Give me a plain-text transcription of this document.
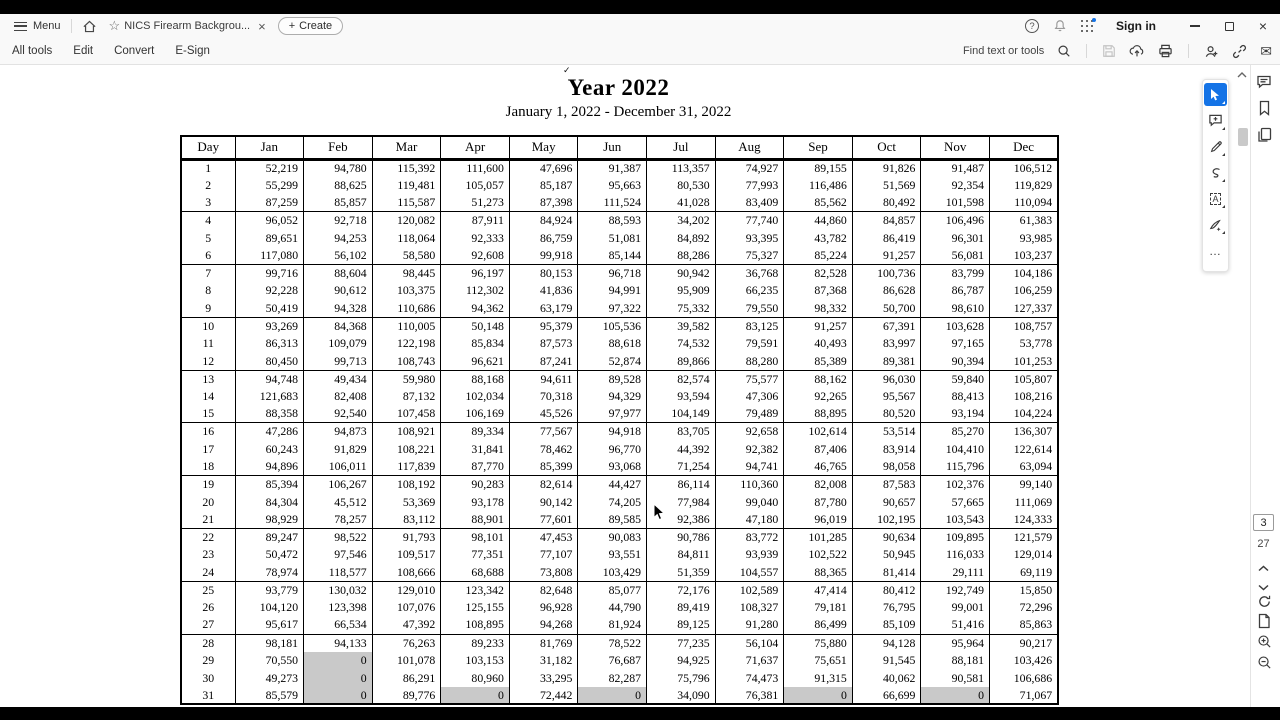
Menu	☆ NICS Firearm Backgrou... × + Create	?	Sign in	×
All tools Edit Convert E-Sign	Find text or tools	✉
✓
Year 2022
January 1, 2022 - December 31, 2022
Day	Jan	Feb	Mar	Apr	May	Jun	Jul	Aug	Sep	Oct	Nov	Dec
1	52,219	94,780	115,392	111,600	47,696	91,387	113,357	74,927	89,155	91,826	91,487	106,512
2	55,299	88,625	119,481	105,057	85,187	95,663	80,530	77,993	116,486	51,569	92,354	119,829
3	87,259	85,857	115,587	51,273	87,398	111,524	41,028	83,409	85,562	80,492	101,598	110,094
4	96,052	92,718	120,082	87,911	84,924	88,593	34,202	77,740	44,860	84,857	106,496	61,383
5	89,651	94,253	118,064	92,333	86,759	51,081	84,892	93,395	43,782	86,419	96,301	93,985
6	117,080	56,102	58,580	92,608	99,918	85,144	88,286	75,327	85,224	91,257	56,081	103,237
7	99,716	88,604	98,445	96,197	80,153	96,718	90,942	36,768	82,528	100,736	83,799	104,186
8	92,228	90,612	103,375	112,302	41,836	94,991	95,909	66,235	87,368	86,628	86,787	106,259
9	50,419	94,328	110,686	94,362	63,179	97,322	75,332	79,550	98,332	50,700	98,610	127,337
10	93,269	84,368	110,005	50,148	95,379	105,536	39,582	83,125	91,257	67,391	103,628	108,757
11	86,313	109,079	122,198	85,834	87,573	88,618	74,532	79,591	40,493	83,997	97,165	53,778
12	80,450	99,713	108,743	96,621	87,241	52,874	89,866	88,280	85,389	89,381	90,394	101,253
13	94,748	49,434	59,980	88,168	94,611	89,528	82,574	75,577	88,162	96,030	59,840	105,807
14	121,683	82,408	87,132	102,034	70,318	94,329	93,594	47,306	92,265	95,567	88,413	108,216
15	88,358	92,540	107,458	106,169	45,526	97,977	104,149	79,489	88,895	80,520	93,194	104,224
16	47,286	94,873	108,921	89,334	77,567	94,918	83,705	92,658	102,614	53,514	85,270	136,307
17	60,243	91,829	108,221	31,841	78,462	96,770	44,392	92,382	87,406	83,914	104,410	122,614
18	94,896	106,011	117,839	87,770	85,399	93,068	71,254	94,741	46,765	98,058	115,796	63,094
19	85,394	106,267	108,192	90,283	82,614	44,427	86,114	110,360	82,008	87,583	102,376	99,140
20	84,304	45,512	53,369	93,178	90,142	74,205	77,984	99,040	87,780	90,657	57,665	111,069
21	98,929	78,257	83,112	88,901	77,601	89,585	92,386	47,180	96,019	102,195	103,543	124,333
22	89,247	98,522	91,793	98,101	47,453	90,083	90,786	83,772	101,285	90,634	109,895	121,579
23	50,472	97,546	109,517	77,351	77,107	93,551	84,811	93,939	102,522	50,945	116,033	129,014
24	78,974	118,577	108,666	68,688	73,808	103,429	51,359	104,557	88,365	81,414	29,111	69,119
25	93,779	130,032	129,010	123,342	82,648	85,077	72,176	102,589	47,414	80,412	192,749	15,850
26	104,120	123,398	107,076	125,155	96,928	44,790	89,419	108,327	79,181	76,795	99,001	72,296
27	95,617	66,534	47,392	108,895	94,268	81,924	89,125	91,280	86,499	85,109	51,416	85,863
28	98,181	94,133	76,263	89,233	81,769	78,522	77,235	56,104	75,880	94,128	95,964	90,217
29	70,550	0	101,078	103,153	31,182	76,687	94,925	71,637	75,651	91,545	88,181	103,426
30	49,273	0	86,291	80,960	33,295	82,287	75,796	74,473	91,315	40,062	90,581	106,686
31	85,579	0	89,776	0	72,442	0	34,090	76,381	0	66,699	0	71,067
A
…
3
27
